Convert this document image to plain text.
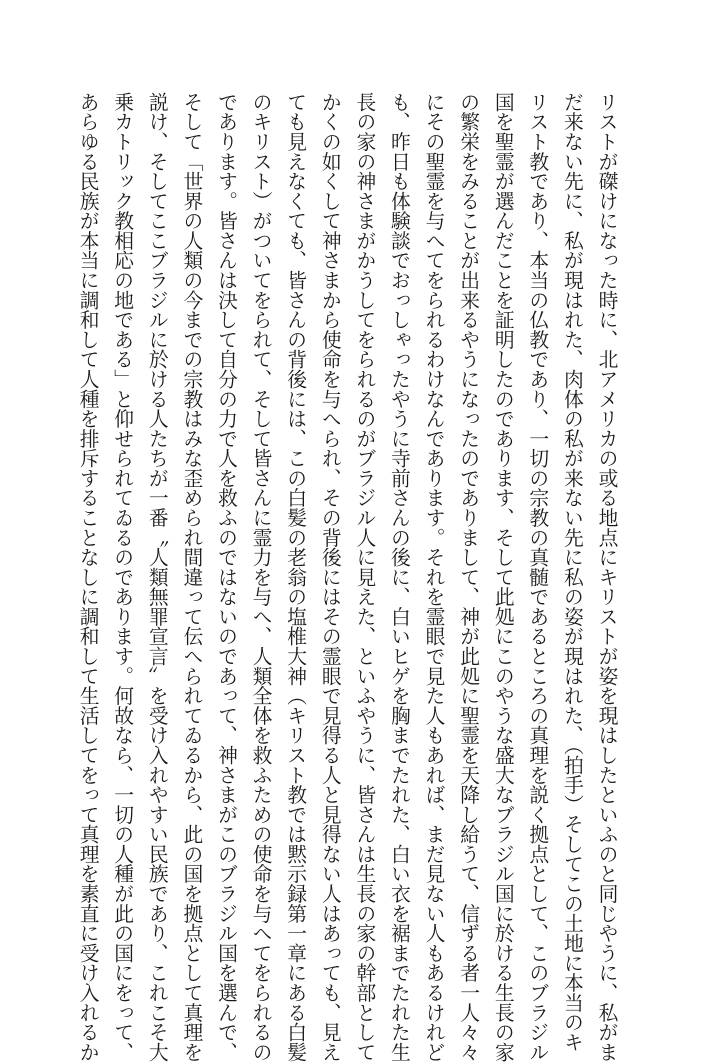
リストが磔けになった時に、北アメリカの或る地点にキリストが姿を現はしたといふのと同じやうに、私がま
だ来ない先に、私が現はれた、肉体の私が来ない先に私の姿が現はれた、（拍手）そしてこの土地に本当のキ
リスト教であり、本当の仏教であり、一切の宗教の真髄であるところの真理を説く拠点として、このブラジル
国を聖霊が選んだことを証明したのであります、そして此処にこのやうな盛大なブラジル国に於ける生長の家
の繁栄をみることが出来るやうになったのでありまして、神が此処に聖霊を天降し給うて、信ずる者一人々々
にその聖霊を与へてをられるわけなんであります。それを霊眼で見た人もあれば、まだ見ない人もあるけれど
も、昨日も体験談でおっしゃったやうに寺前さんの後に、白いヒゲを胸までたれた、白い衣を裾までたれた生
長の家の神さまがかうしてをられるのがブラジル人に見えた、といふやうに、皆さんは生長の家の幹部として
かくの如くして神さまから使命を与へられ、その背後にはその霊眼で見得る人と見得ない人はあっても、見え
ても見えなくても、皆さんの背後には、この白髪の老翁の塩椎大神（キリスト教では黙示録第一章にある白髪
のキリスト）がついてをられて、そして皆さんに霊力を与へ、人類全体を救ふための使命を与へてをられるの
であります。皆さんは決して自分の力で人を救ふのではないのであって、神さまがこのブラジル国を選んで、
そして「世界の人類の今までの宗教はみな歪められ間違って伝へられてゐるから、此の国を拠点として真理を
説け、そしてここブラジルに於ける人たちが一番〝人類無罪宣言〟を受け入れやすい民族であり、これこそ大
乗カトリック教相応の地である」と仰せられてゐるのであります。何故なら、一切の人種が此の国にをって、
あらゆる民族が本当に調和して人種を排斥することなしに調和して生活してをって真理を素直に受け入れるか
